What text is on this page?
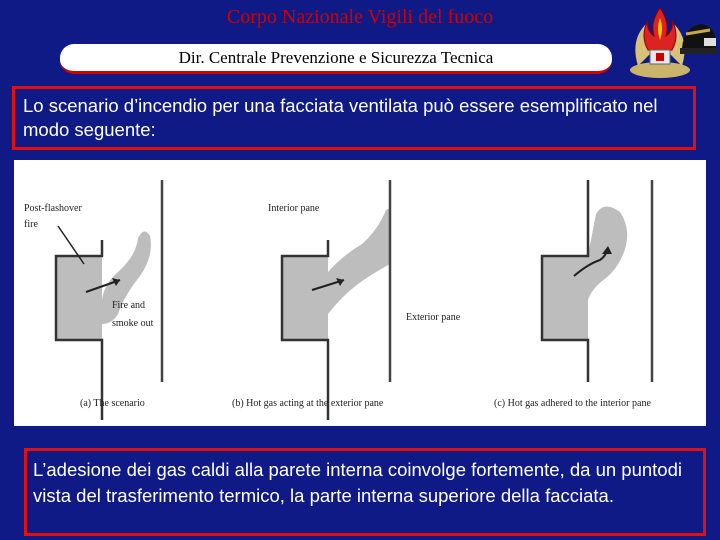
Corpo Nazionale Vigili del fuoco
Dir. Centrale Prevenzione e Sicurezza Tecnica
Lo scenario d’incendio per una facciata ventilata può essere esemplificato nel modo seguente:
Post-flashover
fire
Fire and
smoke out
(a) The scenario
Interior pane
Exterior pane
(b) Hot gas acting at the exterior pane	(c) Hot gas adhered to the interior pane
L’adesione dei gas caldi alla parete interna coinvolge fortemente, da un puntodi vista del trasferimento termico, la parte interna superiore della facciata.
